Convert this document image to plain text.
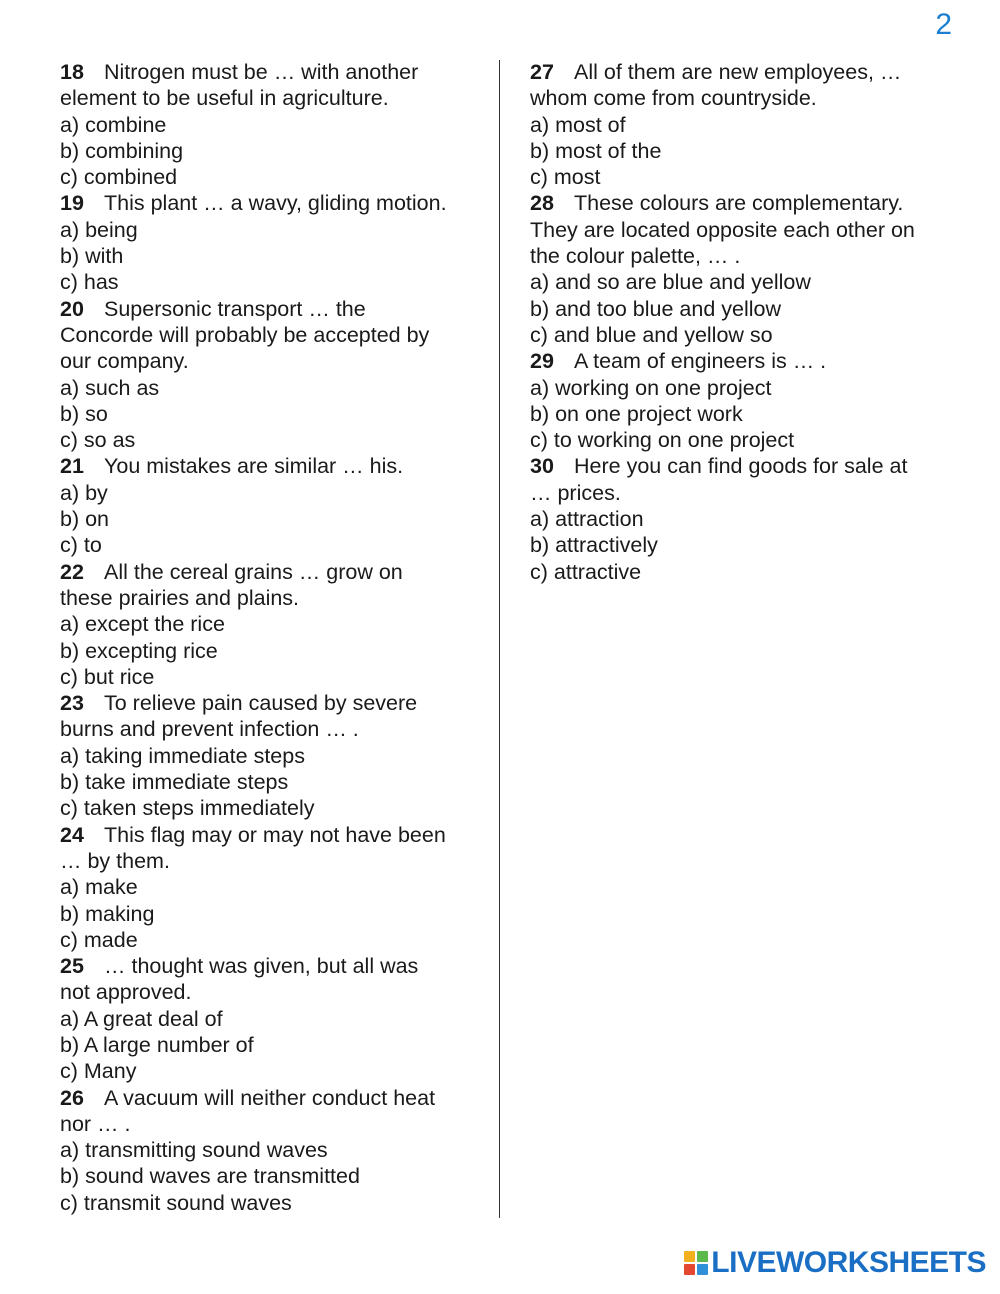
2
18 Nitrogen must be … with another
element to be useful in agriculture.
a) combine
b) combining
c) combined
19 This plant … a wavy, gliding motion.
a) being
b) with
c) has
20 Supersonic transport … the
Concorde will probably be accepted by
our company.
a) such as
b) so
c) so as
21 You mistakes are similar … his.
a) by
b) on
c) to
22 All the cereal grains … grow on
these prairies and plains.
a) except the rice
b) excepting rice
c) but rice
23 To relieve pain caused by severe
burns and prevent infection … .
a) taking immediate steps
b) take immediate steps
c) taken steps immediately
24 This flag may or may not have been
… by them.
a) make
b) making
c) made
25 … thought was given, but all was
not approved.
a) A great deal of
b) A large number of
c) Many
26 A vacuum will neither conduct heat
nor … .
a) transmitting sound waves
b) sound waves are transmitted
c) transmit sound waves
27 All of them are new employees, …
whom come from countryside.
a) most of
b) most of the
c) most
28 These colours are complementary.
They are located opposite each other on
the colour palette, … .
a) and so are blue and yellow
b) and too blue and yellow
c) and blue and yellow so
29 A team of engineers is … .
a) working on one project
b) on one project work
c) to working on one project
30 Here you can find goods for sale at
… prices.
a) attraction
b) attractively
c) attractive
LIVEWORKSHEETS
